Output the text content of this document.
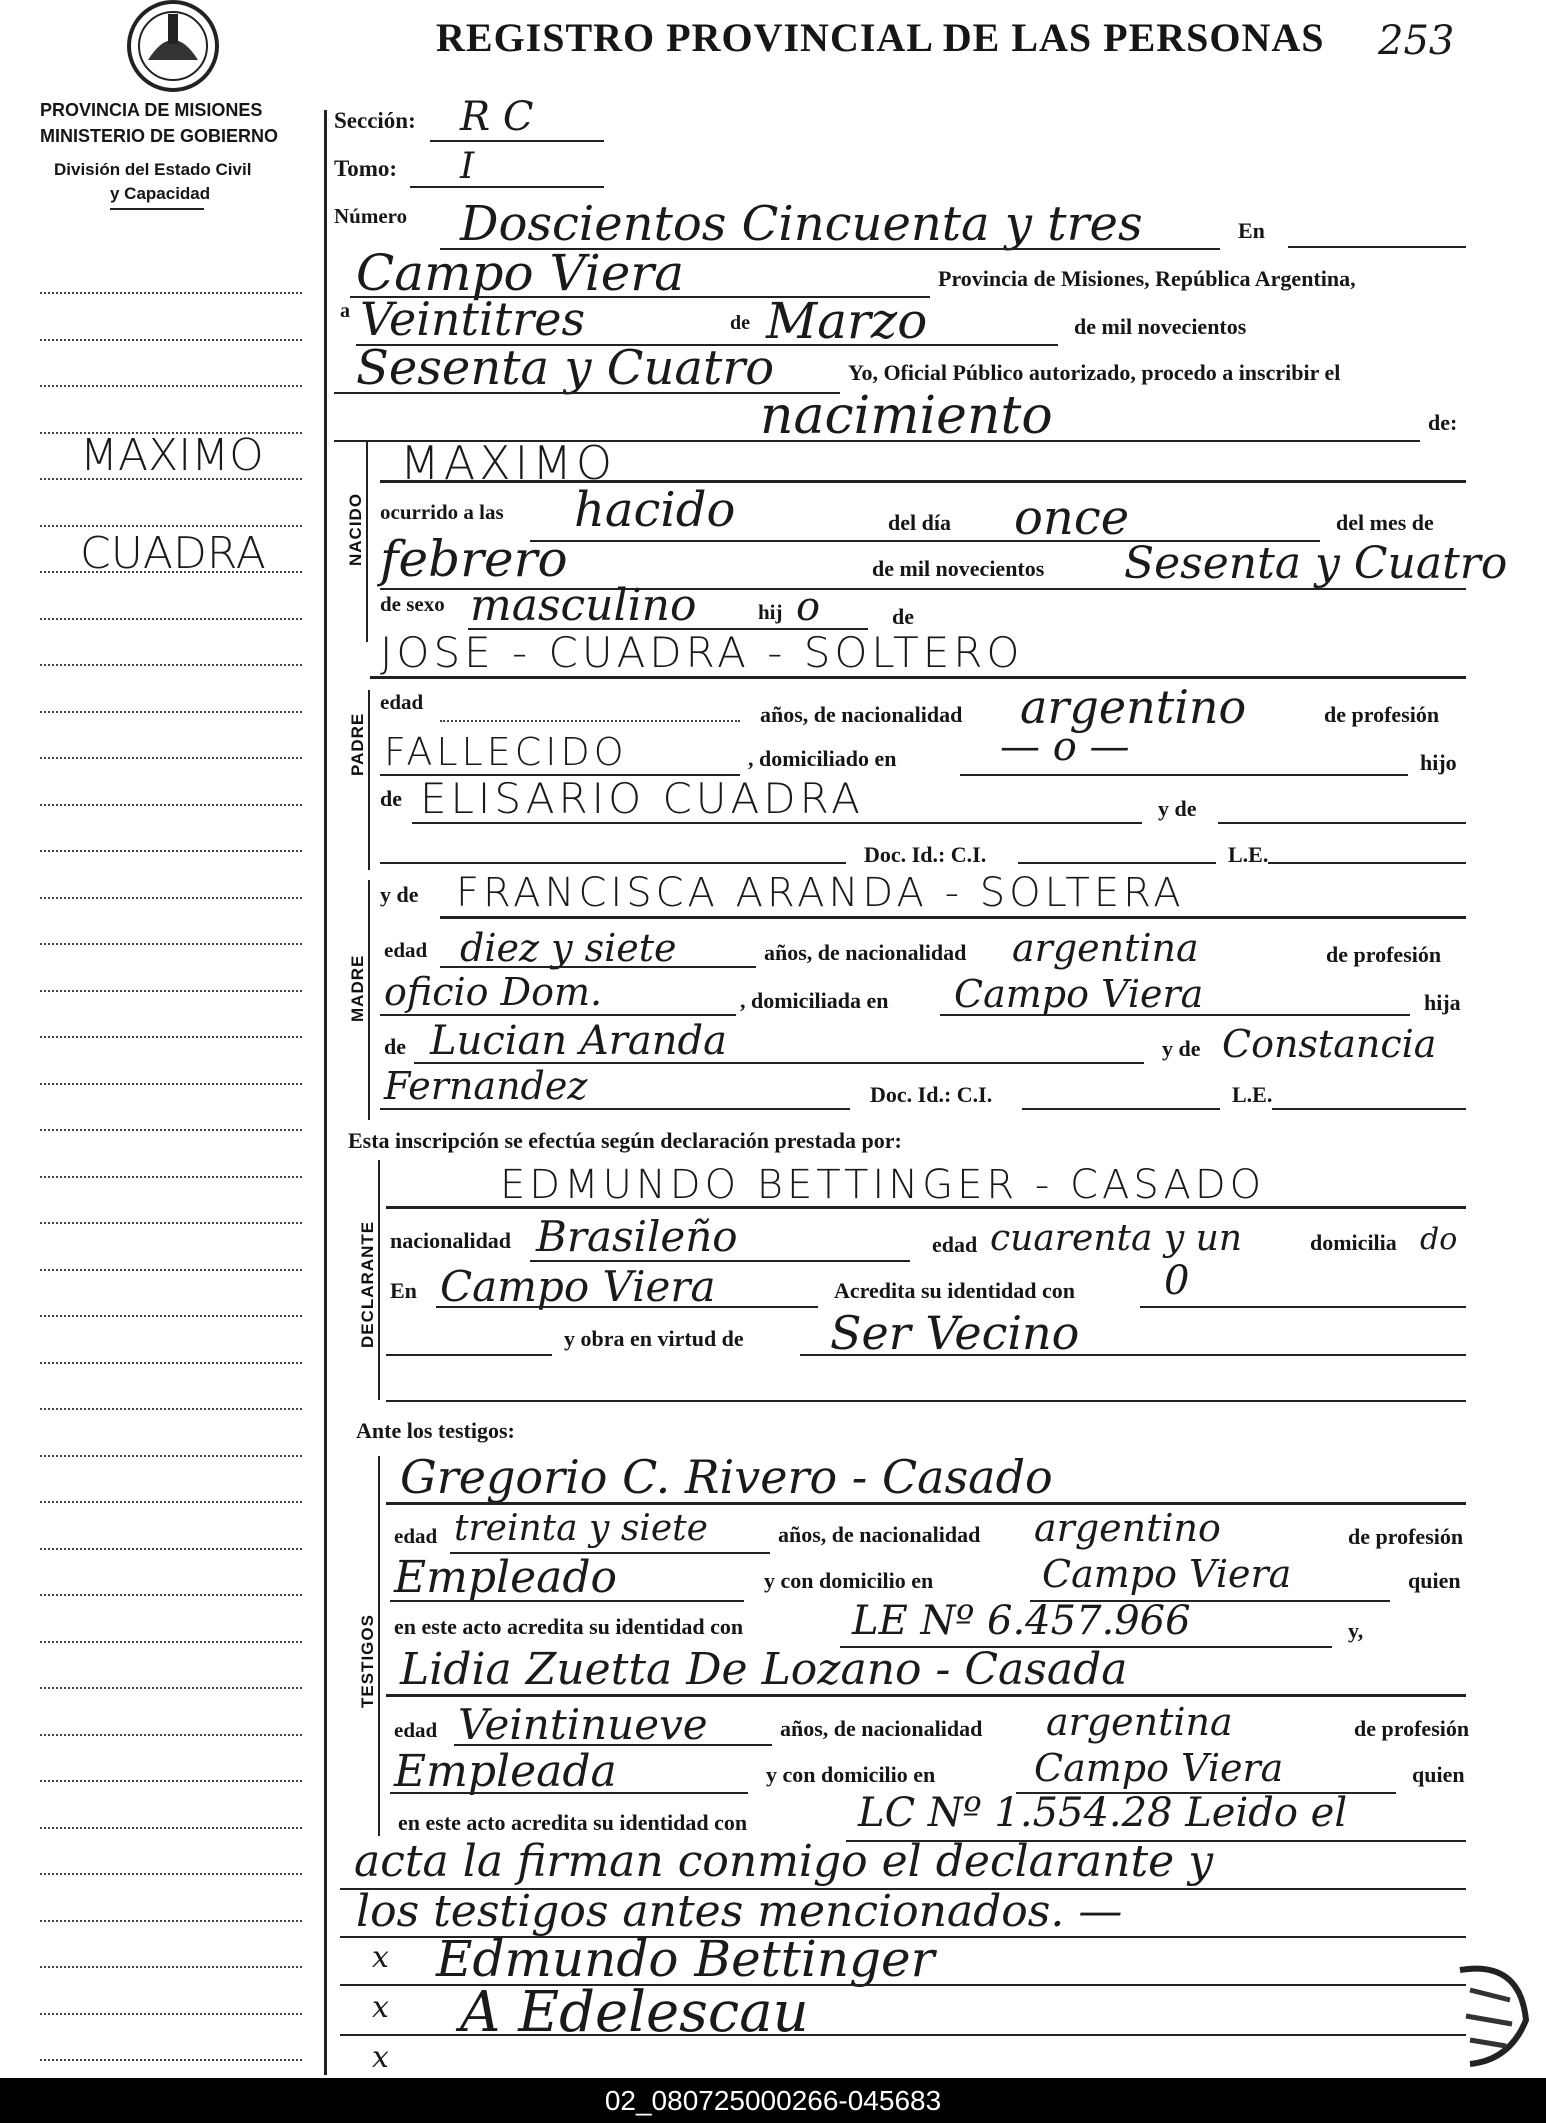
REGISTRO PROVINCIAL DE LAS PERSONAS 253
PROVINCIA DE MISIONES
MINISTERIO DE GOBIERNO
División del Estado Civil
y Capacidad
MAXIMO
CUADRA
x
x
x
Sección: R C
Tomo: I
Número Doscientos Cincuenta y tres	En
Campo Viera	Provincia de Misiones, República Argentina,
a Veintitres	de Marzo	de mil novecientos
Sesenta y Cuatro	Yo, Oficial Público autorizado, procedo a inscribir el
nacimiento	de:
NACIDO
MAXIMO
ocurrido a las hacido	del día once	del mes de
febrero	de mil novecientos Sesenta y Cuatro
de sexo masculino	hij o	de
JOSE - CUADRA - SOLTERO
PADRE
edad	años, de nacionalidad argentino	de profesión
FALLECIDO	, domiciliado en	— o —	hijo
de ELISARIO CUADRA	y de
Doc. Id.: C.I.	L.E.
y de FRANCISCA ARANDA - SOLTERA
MADRE
edad diez y siete	años, de nacionalidad argentina	de profesión
oficio Dom.	, domiciliada en Campo Viera	hija
de Lucian Aranda	y de Constancia
Fernandez	Doc. Id.: C.I.	L.E.
Esta inscripción se efectúa según declaración prestada por:
DECLARANTE
EDMUNDO BETTINGER - CASADO
nacionalidad Brasileño	edad cuarenta y un	domicilia do
En Campo Viera	Acredita su identidad con 0
y obra en virtud de Ser Vecino
Ante los testigos:
TESTIGOS
Gregorio C. Rivero - Casado
edad treinta y siete	años, de nacionalidad argentino	de profesión
Empleado	y con domicilio en	Campo Viera	quien
en este acto acredita su identidad con	LE Nº 6.457.966	y,
Lidia Zuetta De Lozano - Casada
edad Veintinueve	años, de nacionalidad argentina	de profesión
Empleada	y con domicilio en	Campo Viera	quien
en este acto acredita su identidad con	LC Nº 1.554.28 Leido el
acta la firman conmigo el declarante y
los testigos antes mencionados. —
Edmundo Bettinger
A Edelescau
02_080725000266-045683
